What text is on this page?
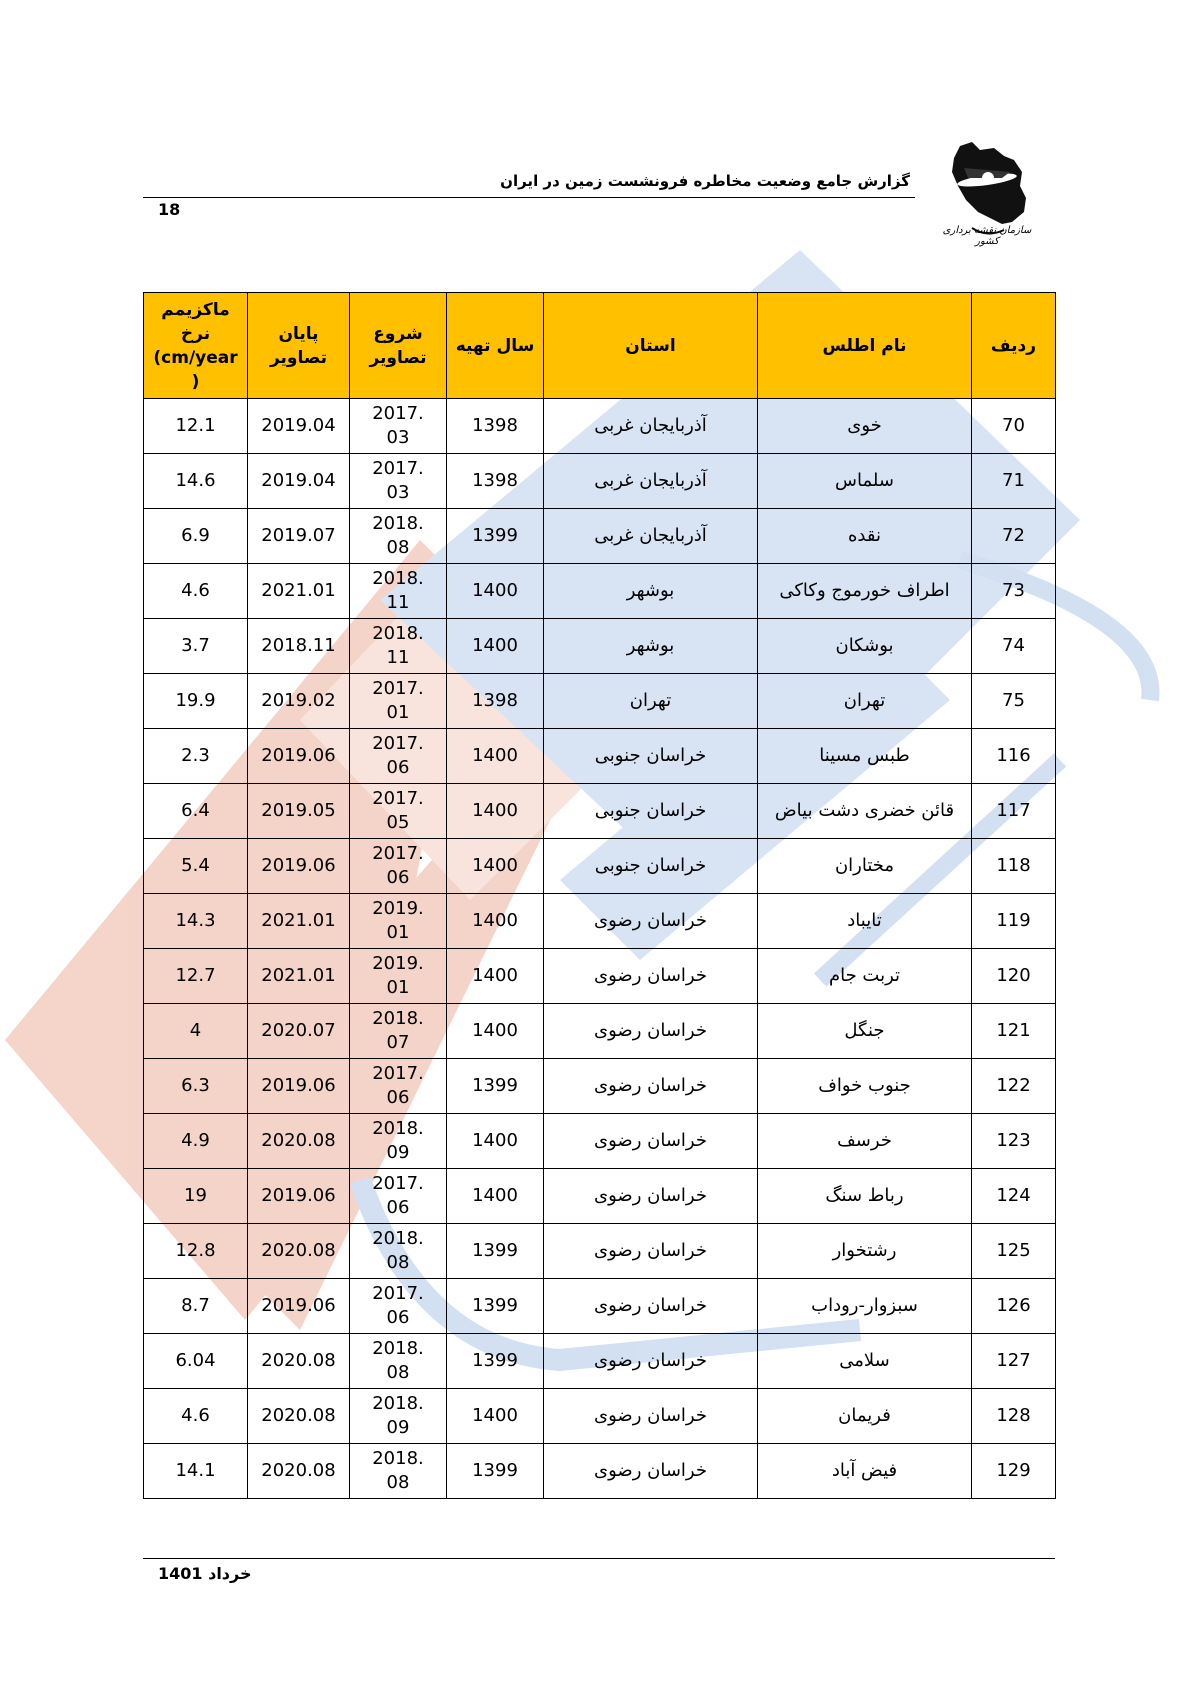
گزارش جامع وضعیت مخاطره فرونشست زمین در ایران
18
سازمان نقشه برداری کشور
ردیف	نام اطلس	استان	سال تهیه	شروع تصاویر	پایان تصاویر	ماکزیمم نرخ cm/year)
(
70	خوی	آذربایجان غربی	1398	2017.03	2019.04	12.1
71	سلماس	آذربایجان غربی	1398	2017.03	2019.04	14.6
72	نقده	آذربایجان غربی	1399	2018.08	2019.07	6.9
73	اطراف خورموج وکاکی	بوشهر	1400	2018.11	2021.01	4.6
74	بوشکان	بوشهر	1400	2018.11	2018.11	3.7
75	تهران	تهران	1398	2017.01	2019.02	19.9
116	طبس مسینا	خراسان جنوبی	1400	2017.06	2019.06	2.3
117	قائن خضری دشت بیاض	خراسان جنوبی	1400	2017.05	2019.05	6.4
118	مختاران	خراسان جنوبی	1400	2017.06	2019.06	5.4
119	تایباد	خراسان رضوی	1400	2019.01	2021.01	14.3
120	تربت جام	خراسان رضوی	1400	2019.01	2021.01	12.7
121	جنگل	خراسان رضوی	1400	2018.07	2020.07	4
122	جنوب خواف	خراسان رضوی	1399	2017.06	2019.06	6.3
123	خرسف	خراسان رضوی	1400	2018.09	2020.08	4.9
124	رباط سنگ	خراسان رضوی	1400	2017.06	2019.06	19
125	رشتخوار	خراسان رضوی	1399	2018.08	2020.08	12.8
126	سبزوار-روداب	خراسان رضوی	1399	2017.06	2019.06	8.7
127	سلامی	خراسان رضوی	1399	2018.08	2020.08	6.04
128	فریمان	خراسان رضوی	1400	2018.09	2020.08	4.6
129	فیض آباد	خراسان رضوی	1399	2018.08	2020.08	14.1
خرداد 1401
